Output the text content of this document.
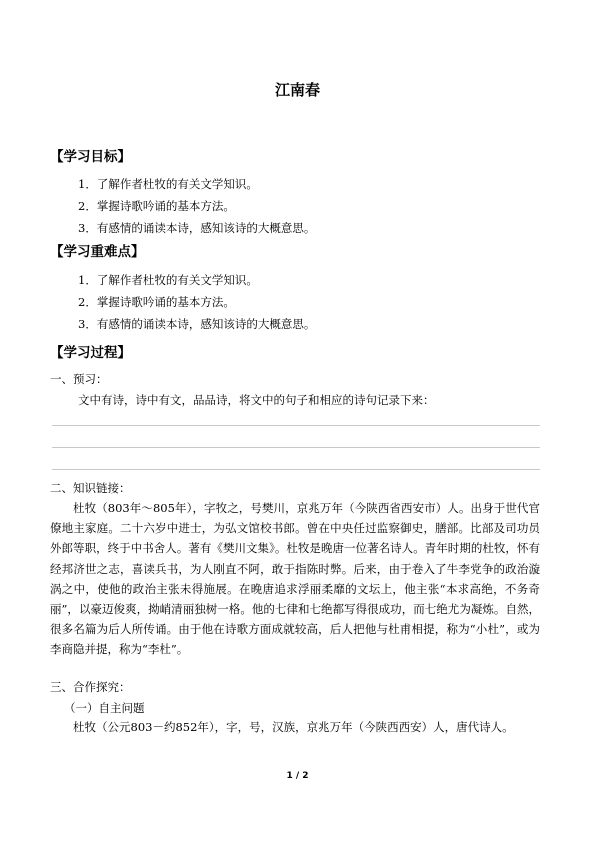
江南春
【学习目标】
1．了解作者杜牧的有关文学知识。
2．掌握诗歌吟诵的基本方法。
3．有感情的诵读本诗，感知该诗的大概意思。
【学习重难点】
1．了解作者杜牧的有关文学知识。
2．掌握诗歌吟诵的基本方法。
3．有感情的诵读本诗，感知该诗的大概意思。
【学习过程】
一、预习：
文中有诗，诗中有文，品品诗，将文中的句子和相应的诗句记录下来：
二、知识链接：
杜牧（803年～805年），字牧之，号樊川，京兆万年（今陕西省西安市）人。出身于世代官僚地主家庭。二十六岁中进士，为弘文馆校书郎。曾在中央任过监察御史，膳部。比部及司功员外郎等职，终于中书舍人。著有《樊川文集》。杜牧是晚唐一位著名诗人。青年时期的杜牧，怀有经邦济世之志，喜读兵书，为人刚直不阿，敢于指陈时弊。后来，由于卷入了牛李党争的政治漩涡之中，使他的政治主张未得施展。在晚唐追求浮丽柔靡的文坛上，他主张“本求高绝，不务奇丽”，以豪迈俊爽，拗峭清丽独树一格。他的七律和七绝都写得很成功，而七绝尤为凝炼。自然，很多名篇为后人所传诵。由于他在诗歌方面成就较高，后人把他与杜甫相提，称为“小杜”，或为李商隐并提，称为“李杜”。
三、合作探究：
（一）自主问题
杜牧（公元803－约852年），字，号，汉族，京兆万年（今陕西西安）人，唐代诗人。
1 / 2
